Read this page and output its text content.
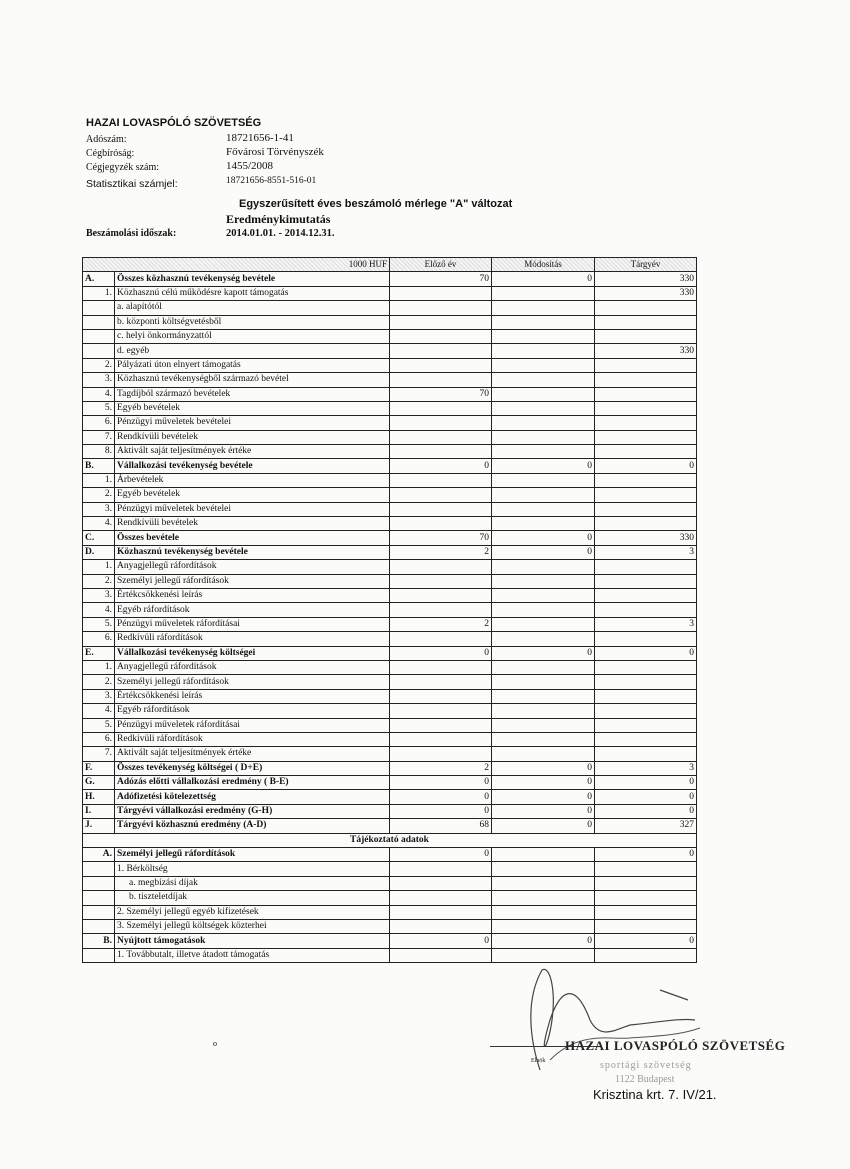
HAZAI LOVASPÓLÓ SZÖVETSÉG
Adószám:	18721656-1-41
Cégbíróság:	Fővárosi Törvényszék
Cégjegyzék szám:	1455/2008
Statisztikai számjel:	18721656-8551-516-01
Egyszerűsített éves beszámoló mérlege "A" változat
Eredménykimutatás
Beszámolási időszak:	2014.01.01. - 2014.12.31.
1000 HUF		Előző év	Módosítás	Tárgyév
A.	Összes közhasznú tevékenység bevétele	70	0	330
1.	Közhasznú célú működésre kapott támogatás			330
	a. alapítótól			
	b. központi költségvetésből			
	c. helyi önkormányzattól			
	d. egyéb			330
2.	Pályázati úton elnyert támogatás			
3.	Közhasznú tevékenységből származó bevétel			
4.	Tagdíjból származó bevételek	70		
5.	Egyéb bevételek			
6.	Pénzügyi műveletek bevételei			
7.	Rendkívüli bevételek			
8.	Aktivált saját teljesítmények értéke			
B.	Vállalkozási tevékenység bevétele	0	0	0
1.	Árbevételek			
2.	Egyéb bevételek			
3.	Pénzügyi műveletek bevételei			
4.	Rendkívüli bevételek			
C.	Összes bevétele	70	0	330
D.	Közhasznú tevékenység bevétele	2	0	3
1.	Anyagjellegű ráfordítások			
2.	Személyi jellegű ráfordítások			
3.	Értékcsökkenési leírás			
4.	Egyéb ráfordítások			
5.	Pénzügyi műveletek ráfordításai	2		3
6.	Redkívüli ráfordítások			
E.	Vállalkozási tevékenység költségei	0	0	0
1.	Anyagjellegű ráfordítások			
2.	Személyi jellegű ráfordítások			
3.	Értékcsökkenési leírás			
4.	Egyéb ráfordítások			
5.	Pénzügyi műveletek ráfordításai			
6.	Redkívüli ráfordítások			
7.	Aktivált saját teljesítmények értéke			
F.	Összes tevékenység költségei ( D+E)	2	0	3
G.	Adózás előtti vállalkozási eredmény ( B-E)	0	0	0
H.	Adófizetési kötelezettség	0	0	0
I.	Tárgyévi vállalkozási eredmény (G-H)	0	0	0
J.	Tárgyévi közhasznú eredmény (A-D)	68	0	327
Tájékoztató adatok				
A.	Személyi jellegű ráfordítások	0		0
	1. Bérköltség			
	a. megbízási díjak			
	b. tiszteletdíjak			
	2. Személyi jellegű egyéb kifizetések			
	3. Személyi jellegű költségek közterhei			
B.	Nyújtott támogatások	0	0	0
	1. Továbbutalt, illetve átadott támogatás			
o
Elnök
HAZAI LOVASPÓLÓ SZÖVETSÉG
sportági szövetség
1122 Budapest
Krisztina krt. 7. IV/21.
